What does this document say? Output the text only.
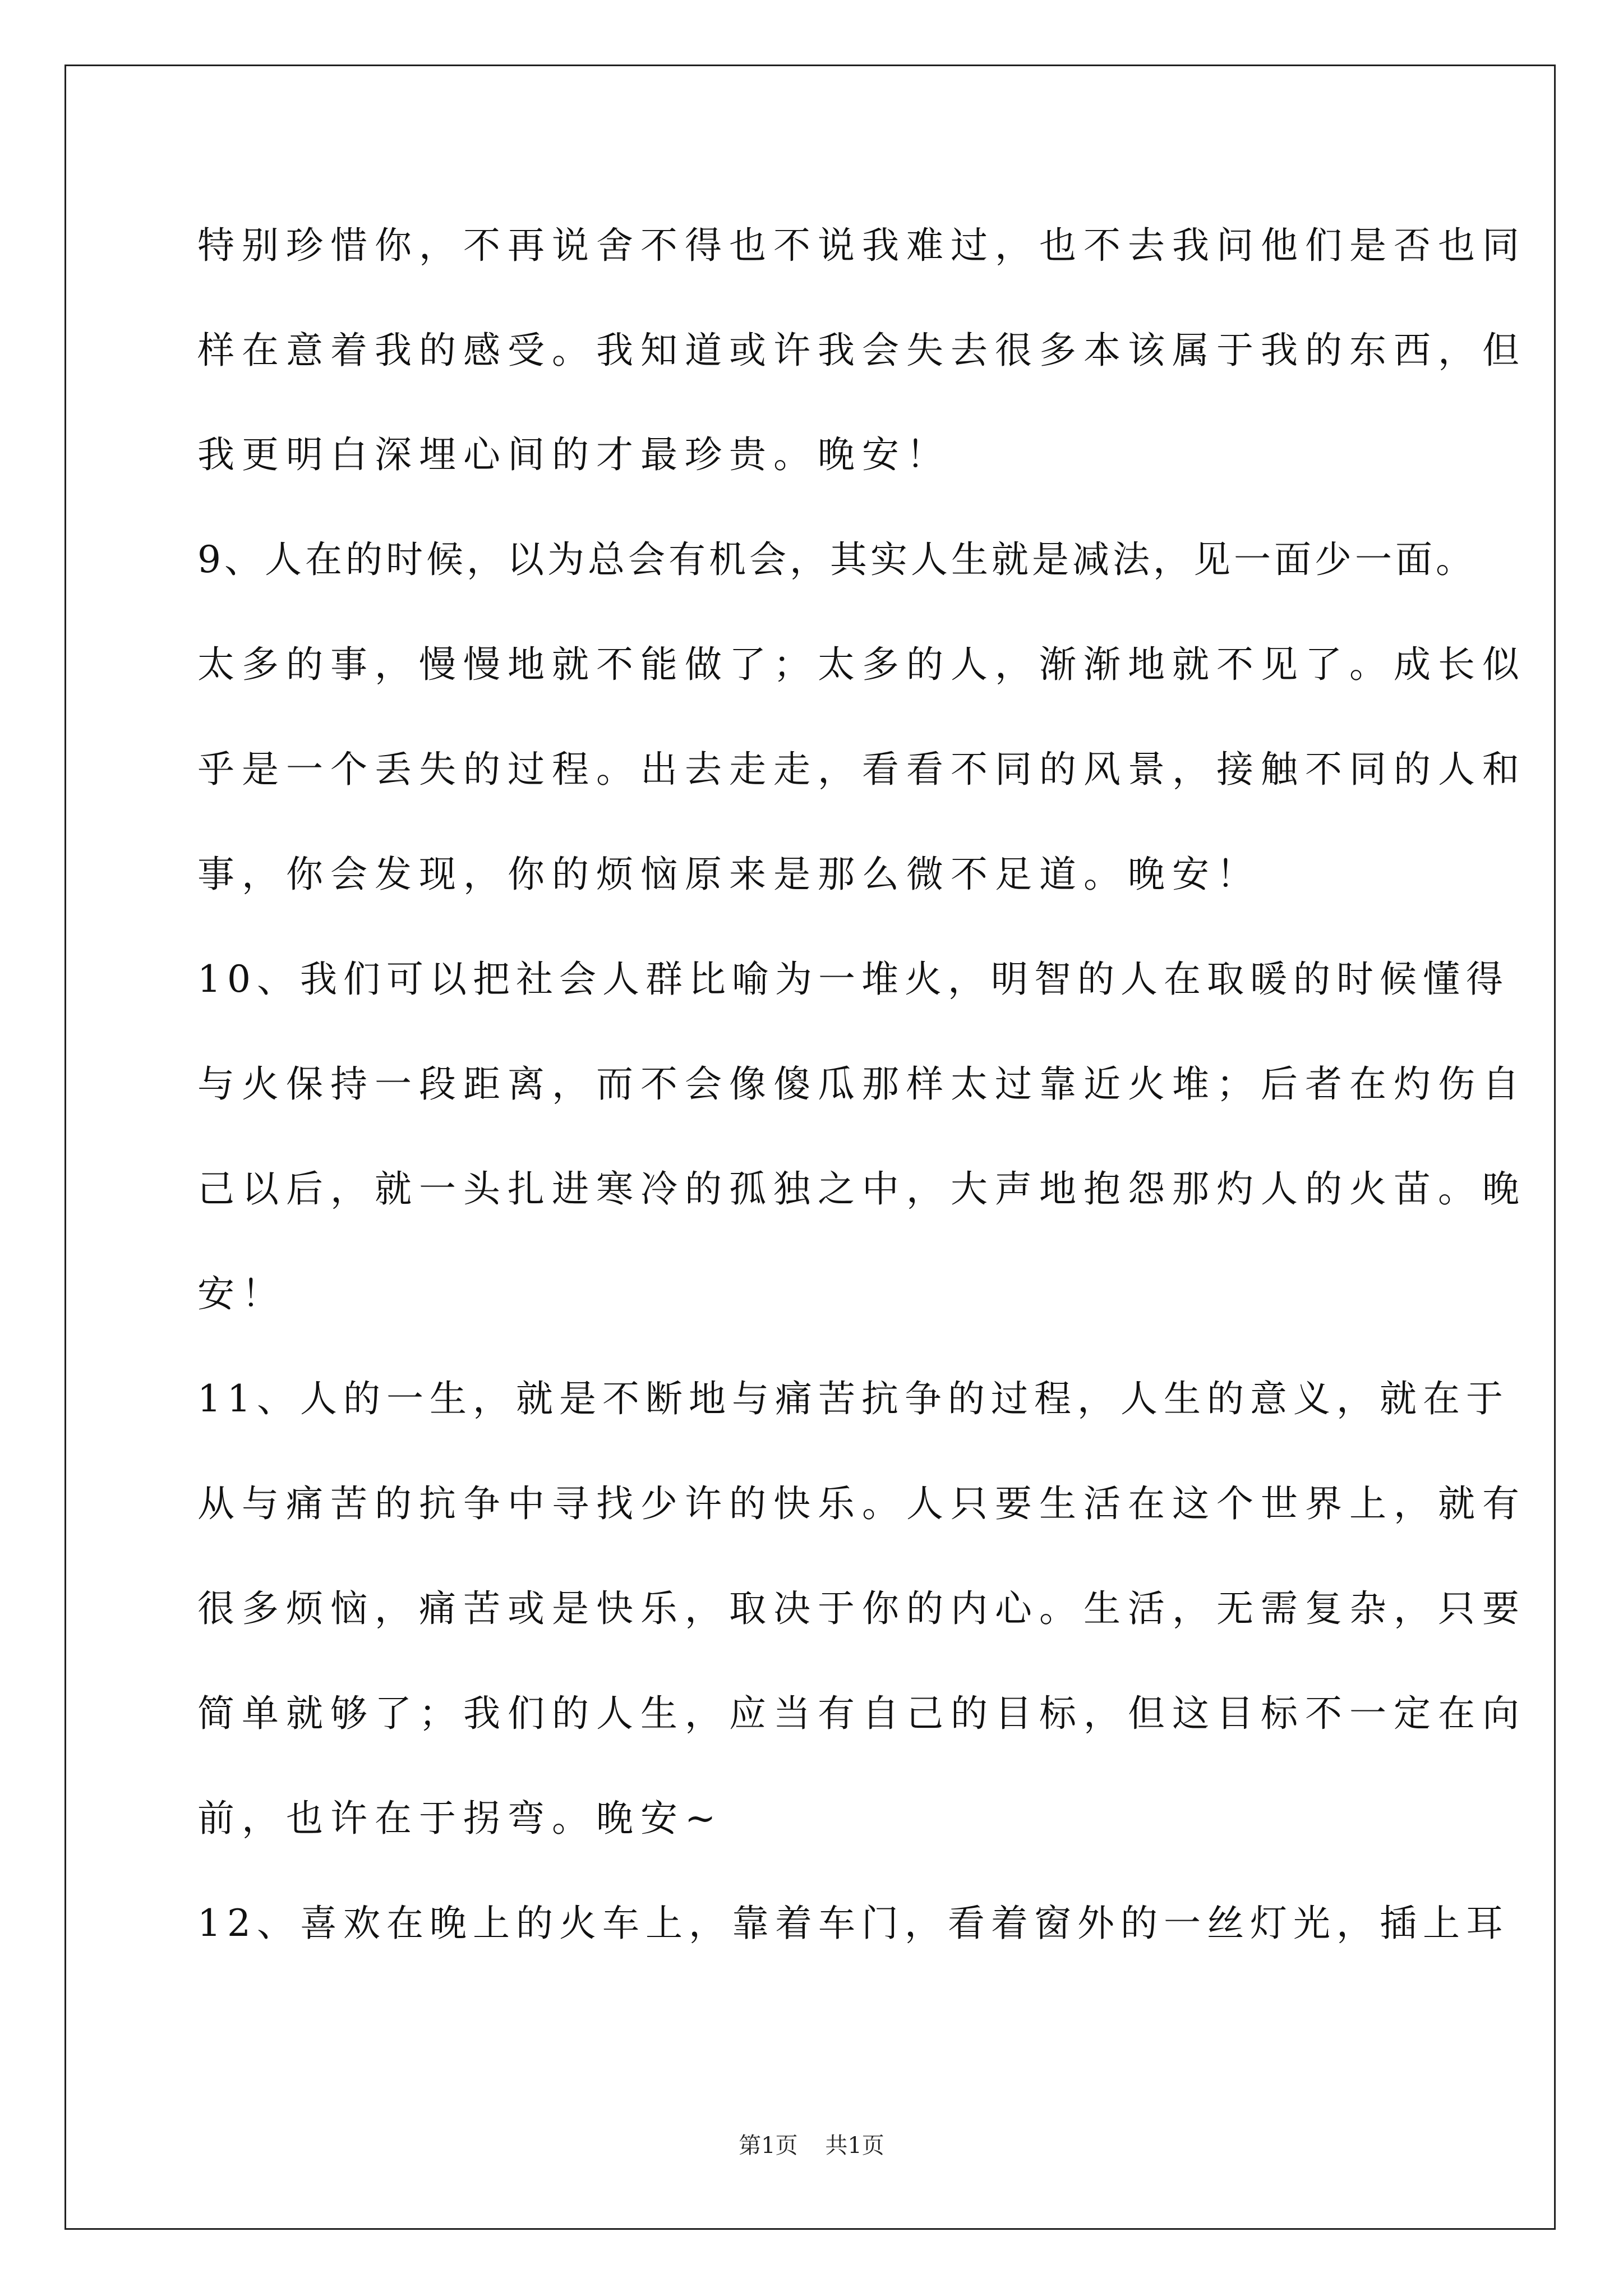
特别珍惜你，不再说舍不得也不说我难过，也不去我问他们是否也同
样在意着我的感受。我知道或许我会失去很多本该属于我的东西，但
我更明白深埋心间的才最珍贵。晚安！
9、人在的时候，以为总会有机会，其实人生就是减法，见一面少一面。
太多的事，慢慢地就不能做了；太多的人，渐渐地就不见了。成长似
乎是一个丢失的过程。出去走走，看看不同的风景，接触不同的人和
事，你会发现，你的烦恼原来是那么微不足道。晚安！
10、我们可以把社会人群比喻为一堆火，明智的人在取暖的时候懂得
与火保持一段距离，而不会像傻瓜那样太过靠近火堆；后者在灼伤自
己以后，就一头扎进寒冷的孤独之中，大声地抱怨那灼人的火苗。晚
安！
11、人的一生，就是不断地与痛苦抗争的过程，人生的意义，就在于
从与痛苦的抗争中寻找少许的快乐。人只要生活在这个世界上，就有
很多烦恼，痛苦或是快乐，取决于你的内心。生活，无需复杂，只要
简单就够了；我们的人生，应当有自己的目标，但这目标不一定在向
前，也许在于拐弯。晚安~
12、喜欢在晚上的火车上，靠着车门，看着窗外的一丝灯光，插上耳
第1页 共1页
